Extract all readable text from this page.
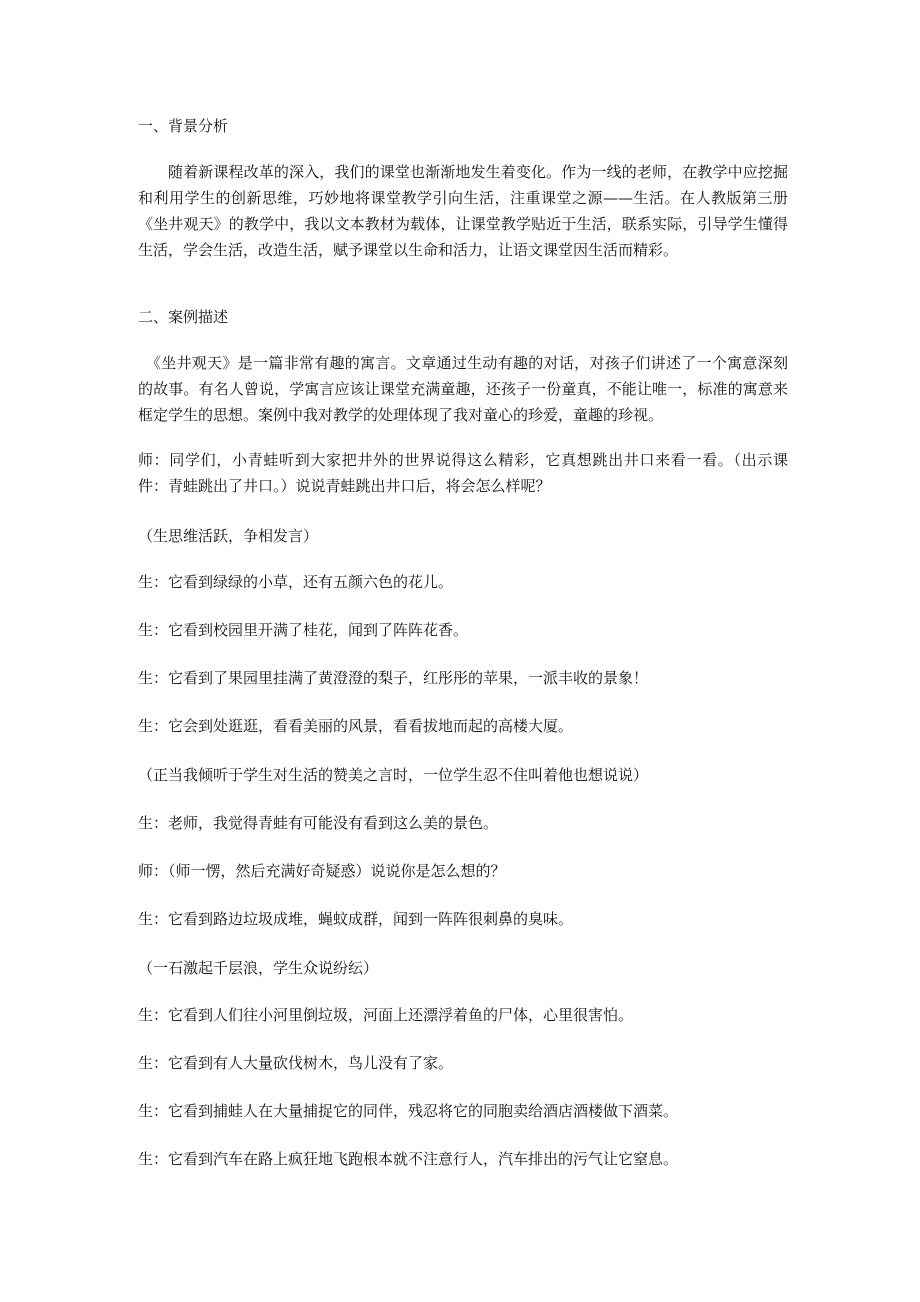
一、背景分析

随着新课程改革的深入，我们的课堂也渐渐地发生着变化。作为一线的老师，在教学中应挖掘和利用学生的创新思维，巧妙地将课堂教学引向生活，注重课堂之源——生活。在人教版第三册《坐井观天》的教学中，我以文本教材为载体，让课堂教学贴近于生活，联系实际，引导学生懂得生活，学会生活，改造生活，赋予课堂以生命和活力，让语文课堂因生活而精彩。

二、案例描述

《坐井观天》是一篇非常有趣的寓言。文章通过生动有趣的对话，对孩子们讲述了一个寓意深刻的故事。有名人曾说，学寓言应该让课堂充满童趣，还孩子一份童真，不能让唯一，标准的寓意来框定学生的思想。案例中我对教学的处理体现了我对童心的珍爱，童趣的珍视。

师：同学们，小青蛙听到大家把井外的世界说得这么精彩，它真想跳出井口来看一看。（出示课件：青蛙跳出了井口。）说说青蛙跳出井口后，将会怎么样呢？

（生思维活跃，争相发言）

生：它看到绿绿的小草，还有五颜六色的花儿。

生：它看到校园里开满了桂花，闻到了阵阵花香。

生：它看到了果园里挂满了黄澄澄的梨子，红彤彤的苹果，一派丰收的景象！

生：它会到处逛逛，看看美丽的风景，看看拔地而起的高楼大厦。

（正当我倾听于学生对生活的赞美之言时，一位学生忍不住叫着他也想说说）

生：老师，我觉得青蛙有可能没有看到这么美的景色。

师：（师一愣，然后充满好奇疑惑）说说你是怎么想的？

生：它看到路边垃圾成堆，蝇蚊成群，闻到一阵阵很刺鼻的臭味。

（一石激起千层浪，学生众说纷纭）

生：它看到人们往小河里倒垃圾，河面上还漂浮着鱼的尸体，心里很害怕。

生：它看到有人大量砍伐树木，鸟儿没有了家。

生：它看到捕蛙人在大量捕捉它的同伴，残忍将它的同胞卖给酒店酒楼做下酒菜。

生：它看到汽车在路上疯狂地飞跑根本就不注意行人，汽车排出的污气让它窒息。
